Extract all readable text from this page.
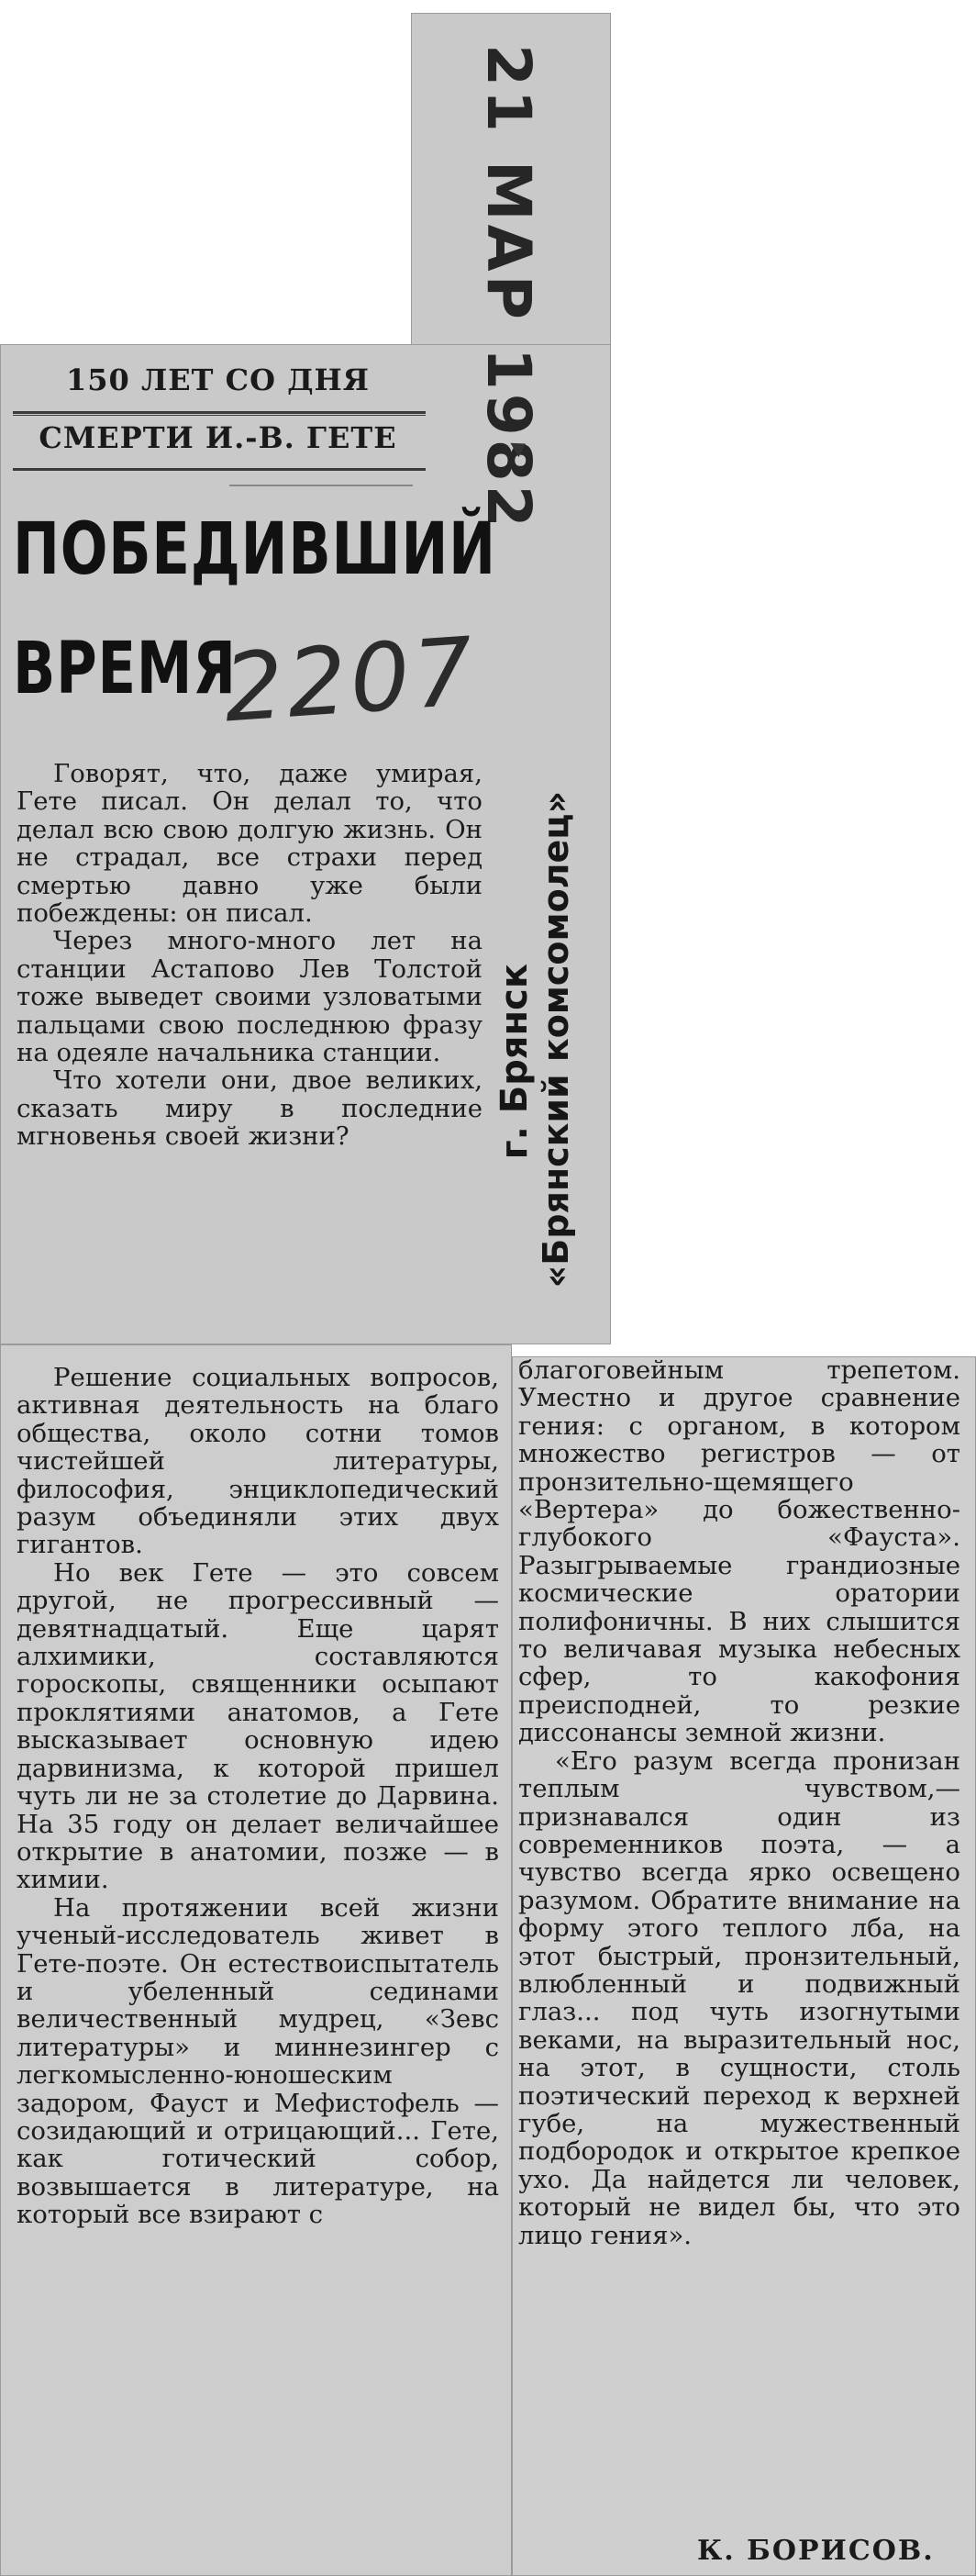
21 МАР 1982
150 ЛЕТ СО ДНЯ
СМЕРТИ И.-В. ГЕТЕ
ПОБЕДИВШИЙ
ВРЕМЯ
2207
г. Брянск «Брянский комсомолец»

Говорят, что, даже умирая, Гете писал. Он делал то, что делал всю свою долгую жизнь. Он не страдал, все страхи перед смертью давно уже были побеждены: он писал.

Через много-много лет на станции Астапово Лев Толстой тоже выведет своими узловатыми пальцами свою последнюю фразу на одеяле начальника станции.

Что хотели они, двое великих, сказать миру в последние мгновенья своей жизни?

Решение социальных вопросов, активная деятельность на благо общества, около сотни томов чистейшей литературы, философия, энциклопедический разум объединяли этих двух гигантов.

Но век Гете — это совсем другой, не прогрессивный — девятнадцатый. Еще царят алхимики, составляются гороскопы, священники осыпают проклятиями анатомов, а Гете высказывает основную идею дарвинизма, к которой пришел чуть ли не за столетие до Дарвина. На 35 году он делает величайшее открытие в анатомии, позже — в химии.

На протяжении всей жизни ученый-исследователь живет в Гете-поэте. Он естествоиспытатель и убеленный сединами величественный мудрец, «Зевс литературы» и миннезингер с легкомысленно-юношеским задором, Фауст и Мефистофель — созидающий и отрицающий... Гете, как готический собор, возвышается в литературе, на который все взирают с

благоговейным трепетом. Уместно и другое сравнение гения: с органом, в котором множество регистров — от пронзительно-щемящего «Вертера» до божественно-глубокого «Фауста». Разыгрываемые грандиозные космические оратории полифоничны. В них слышится то величавая музыка небесных сфер, то какофония преисподней, то резкие диссонансы земной жизни.

«Его разум всегда пронизан теплым чувством,— признавался один из современников поэта, — а чувство всегда ярко освещено разумом. Обратите внимание на форму этого теплого лба, на этот быстрый, пронзительный, влюбленный и подвижный глаз... под чуть изогнутыми веками, на выразительный нос, на этот, в сущности, столь поэтический переход к верхней губе, на мужественный подбородок и открытое крепкое ухо. Да найдется ли человек, который не видел бы, что это лицо гения».

К. БОРИСОВ.
